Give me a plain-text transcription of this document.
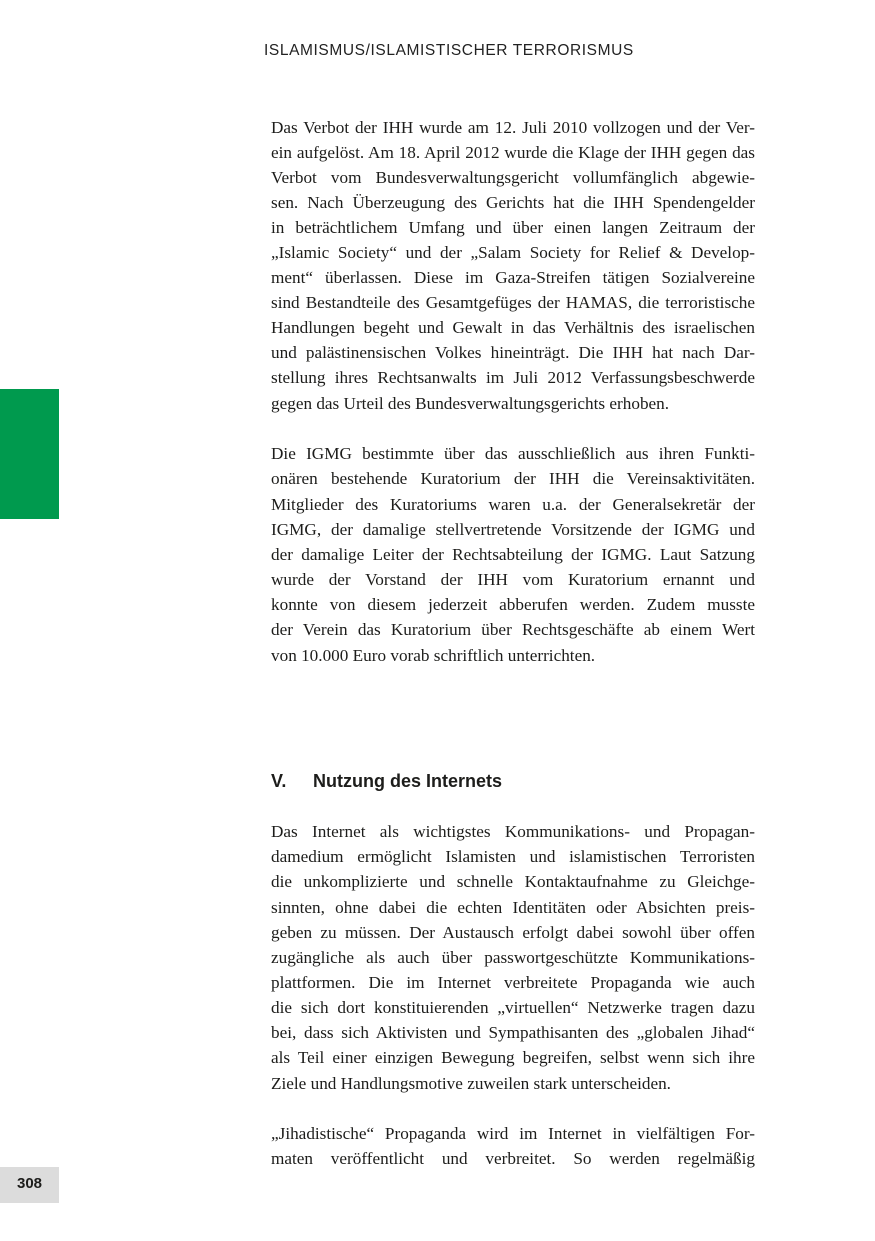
ISLAMISMUS/ISLAMISTISCHER TERRORISMUS
308
Das Verbot der IHH wurde am 12. Juli 2010 vollzogen und der Ver-
ein aufgelöst. Am 18. April 2012 wurde die Klage der IHH gegen das
Verbot vom Bundesverwaltungsgericht vollumfänglich abgewie-
sen. Nach Überzeugung des Gerichts hat die IHH Spendengelder
in beträchtlichem Umfang und über einen langen Zeitraum der
„Islamic Society“ und der „Salam Society for Relief & Develop-
ment“ überlassen. Diese im Gaza-Streifen tätigen Sozialvereine
sind Bestandteile des Gesamtgefüges der HAMAS, die terroristische
Handlungen begeht und Gewalt in das Verhältnis des israelischen
und palästinensischen Volkes hineinträgt. Die IHH hat nach Dar-
stellung ihres Rechtsanwalts im Juli 2012 Verfassungsbeschwerde
gegen das Urteil des Bundesverwaltungsgerichts erhoben.
Die IGMG bestimmte über das ausschließlich aus ihren Funkti-
onären bestehende Kuratorium der IHH die Vereinsaktivitäten.
Mitglieder des Kuratoriums waren u.a. der Generalsekretär der
IGMG, der damalige stellvertretende Vorsitzende der IGMG und
der damalige Leiter der Rechtsabteilung der IGMG. Laut Satzung
wurde der Vorstand der IHH vom Kuratorium ernannt und
konnte von diesem jederzeit abberufen werden. Zudem musste
der Verein das Kuratorium über Rechtsgeschäfte ab einem Wert
von 10.000 Euro vorab schriftlich unterrichten.
V. Nutzung des Internets
Das Internet als wichtigstes Kommunikations- und Propagan-
damedium ermöglicht Islamisten und islamistischen Terroristen
die unkomplizierte und schnelle Kontaktaufnahme zu Gleichge-
sinnten, ohne dabei die echten Identitäten oder Absichten preis-
geben zu müssen. Der Austausch erfolgt dabei sowohl über offen
zugängliche als auch über passwortgeschützte Kommunikations-
plattformen. Die im Internet verbreitete Propaganda wie auch
die sich dort konstituierenden „virtuellen“ Netzwerke tragen dazu
bei, dass sich Aktivisten und Sympathisanten des „globalen Jihad“
als Teil einer einzigen Bewegung begreifen, selbst wenn sich ihre
Ziele und Handlungsmotive zuweilen stark unterscheiden.
„Jihadistische“ Propaganda wird im Internet in vielfältigen For-
maten veröffentlicht und verbreitet. So werden regelmäßig
